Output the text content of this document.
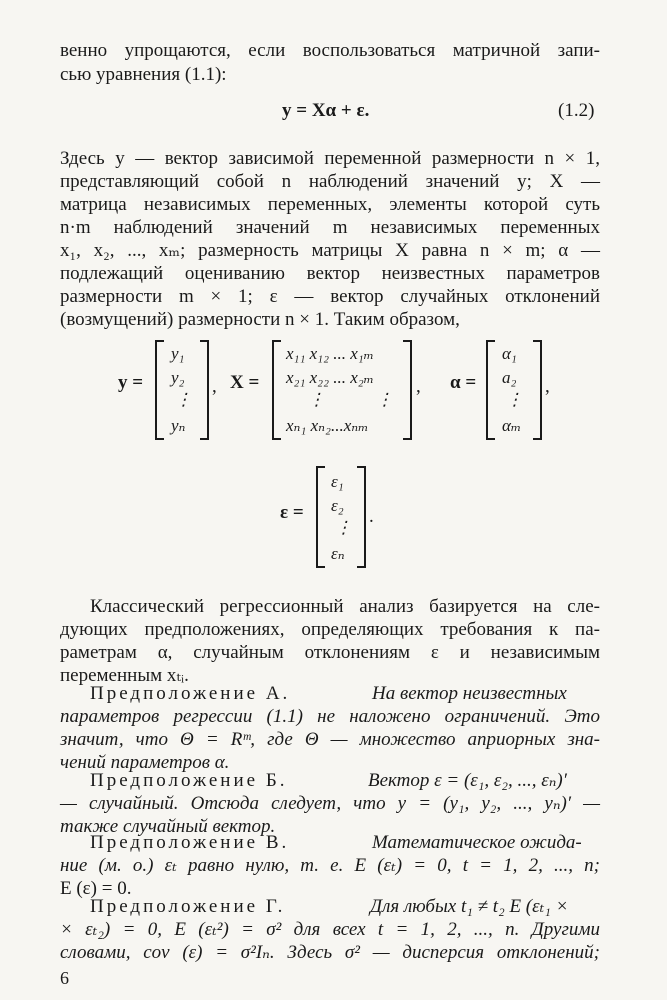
венно упрощаются, если воспользоваться матричной запи-
сью уравнения (1.1):
y = Xα + ε.	(1.2)
Здесь y — вектор зависимой переменной размерности n × 1,
представляющий собой n наблюдений значений y; X —
матрица независимых переменных, элементы которой суть
n·m наблюдений значений m независимых переменных
x₁, x₂, ..., xₘ; размерность матрицы X равна n × m; α —
подлежащий оцениванию вектор неизвестных параметров
размерности m × 1; ε — вектор случайных отклонений
(возмущений) размерности n × 1. Таким образом,
y =
y₁
y₂
⋮
yₙ
, X =
x₁₁ x₁₂ ... x₁ₘ
x₂₁ x₂₂ ... x₂ₘ
⋮            ⋮
xₙ₁ xₙ₂...xₙₘ
, α =
α₁
a₂
⋮
αₘ
,
ε =
ε₁
ε₂
⋮
εₙ
.
Классический регрессионный анализ базируется на сле-
дующих предположениях, определяющих требования к па-
раметрам α, случайным отклонениям ε и независимым
переменным xₜᵢ.
Предположение А.	На вектор неизвестных
параметров регрессии (1.1) не наложено ограничений. Это
значит, что Θ = Rᵐ, где Θ — множество априорных зна-
чений параметров α.
Предположение Б.	Вектор ε = (ε₁, ε₂, ..., εₙ)′
— случайный. Отсюда следует, что y = (y₁, y₂, ..., yₙ)′ —
также случайный вектор.
Предположение В.	Математическое ожида-
ние (м. о.) εₜ равно нулю, т. е. E (εₜ) = 0, t = 1, 2, ..., n;
E (ε) = 0.
Предположение Г.	Для любых t₁ ≠ t₂ E (εₜ₁ ×
× εₜ₂) = 0, E (εₜ²) = σ² для всех t = 1, 2, ..., n. Другими
словами, cov (ε) = σ²Iₙ. Здесь σ² — дисперсия отклонений;
6
